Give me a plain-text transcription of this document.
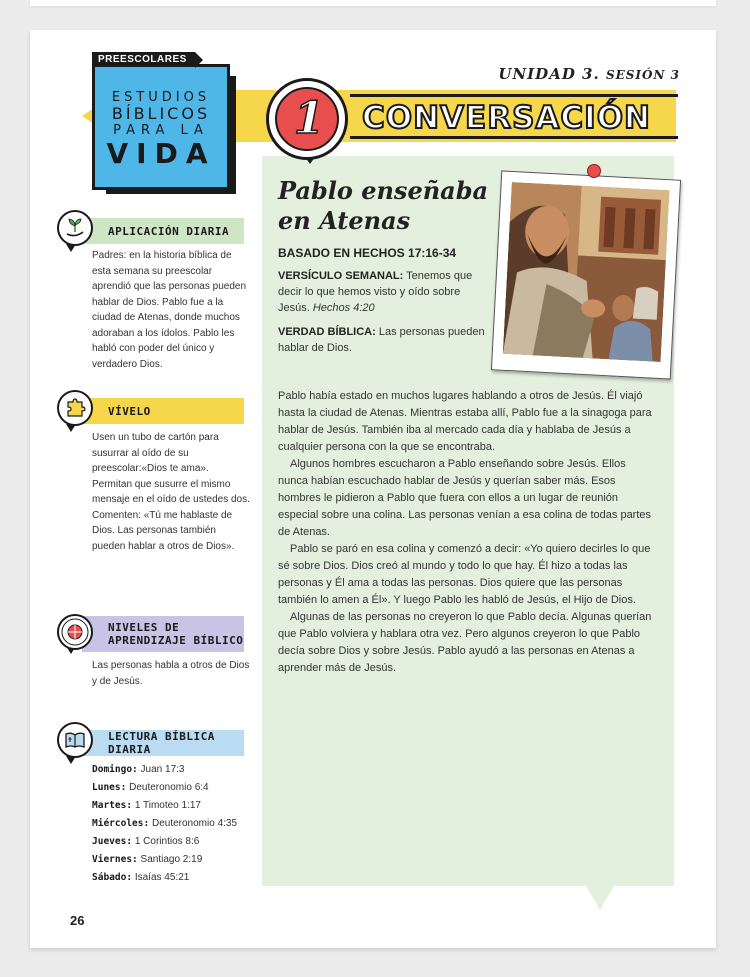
PREESCOLARES
ESTUDIOS
BÍBLICOS
PARA LA
VIDA
UNIDAD 3. SESIÓN 3
CONVERSACIÓN
1
Pablo enseñaba en Atenas
BASADO EN HECHOS 17:16-34
VERSÍCULO SEMANAL: Tenemos que decir lo que hemos visto y oído sobre Jesús. Hechos 4:20
VERDAD BÍBLICA: Las personas pueden hablar de Dios.

Pablo había estado en muchos lugares hablando a otros de Jesús. Él viajó hasta la ciudad de Atenas. Mientras estaba allí, Pablo fue a la sinagoga para hablar de Jesús. También iba al mercado cada día y hablaba de Jesús a cualquier persona con la que se encontraba.

Algunos hombres escucharon a Pablo enseñando sobre Jesús. Ellos nunca habían escuchado hablar de Jesús y querían saber más. Esos hombres le pidieron a Pablo que fuera con ellos a un lugar de reunión especial sobre una colina. Las personas venían a esa colina de todas partes de Atenas.

Pablo se paró en esa colina y comenzó a decir: «Yo quiero decirles lo que sé sobre Dios. Dios creó al mundo y todo lo que hay. Él hizo a todas las personas y Él ama a todas las personas. Dios quiere que las personas también lo amen a Él». Y luego Pablo les habló de Jesús, el Hijo de Dios.

Algunas de las personas no creyeron lo que Pablo decía. Algunas querían que Pablo volviera y hablara otra vez. Pero algunos creyeron lo que Pablo decía sobre Dios y sobre Jesús. Pablo ayudó a las personas en Atenas a aprender más de Jesús.

APLICACIÓN DIARIA
Padres: en la historia bíblica de esta semana su preescolar aprendió que las personas pueden hablar de Dios. Pablo fue a la ciudad de Atenas, donde muchos adoraban a los ídolos. Pablo les habló con poder del único y verdadero Dios.
VÍVELO
Usen un tubo de cartón para susurrar al oído de su preescolar:«Dios te ama». Permitan que susurre el mismo mensaje en el oído de ustedes dos. Comenten: «Tú me hablaste de Dios. Las personas también pueden hablar a otros de Dios».
NIVELES DE
APRENDIZAJE BÍBLICO
Las personas habla a otros de Dios y de Jesús.
LECTURA BÍBLICA DIARIA
Domingo: Juan 17:3
Lunes: Deuteronomio 6:4
Martes: 1 Timoteo 1:17
Miércoles: Deuteronomio 4:35
Jueves: 1 Corintios 8:6
Viernes: Santiago 2:19
Sábado: Isaías 45:21
26
